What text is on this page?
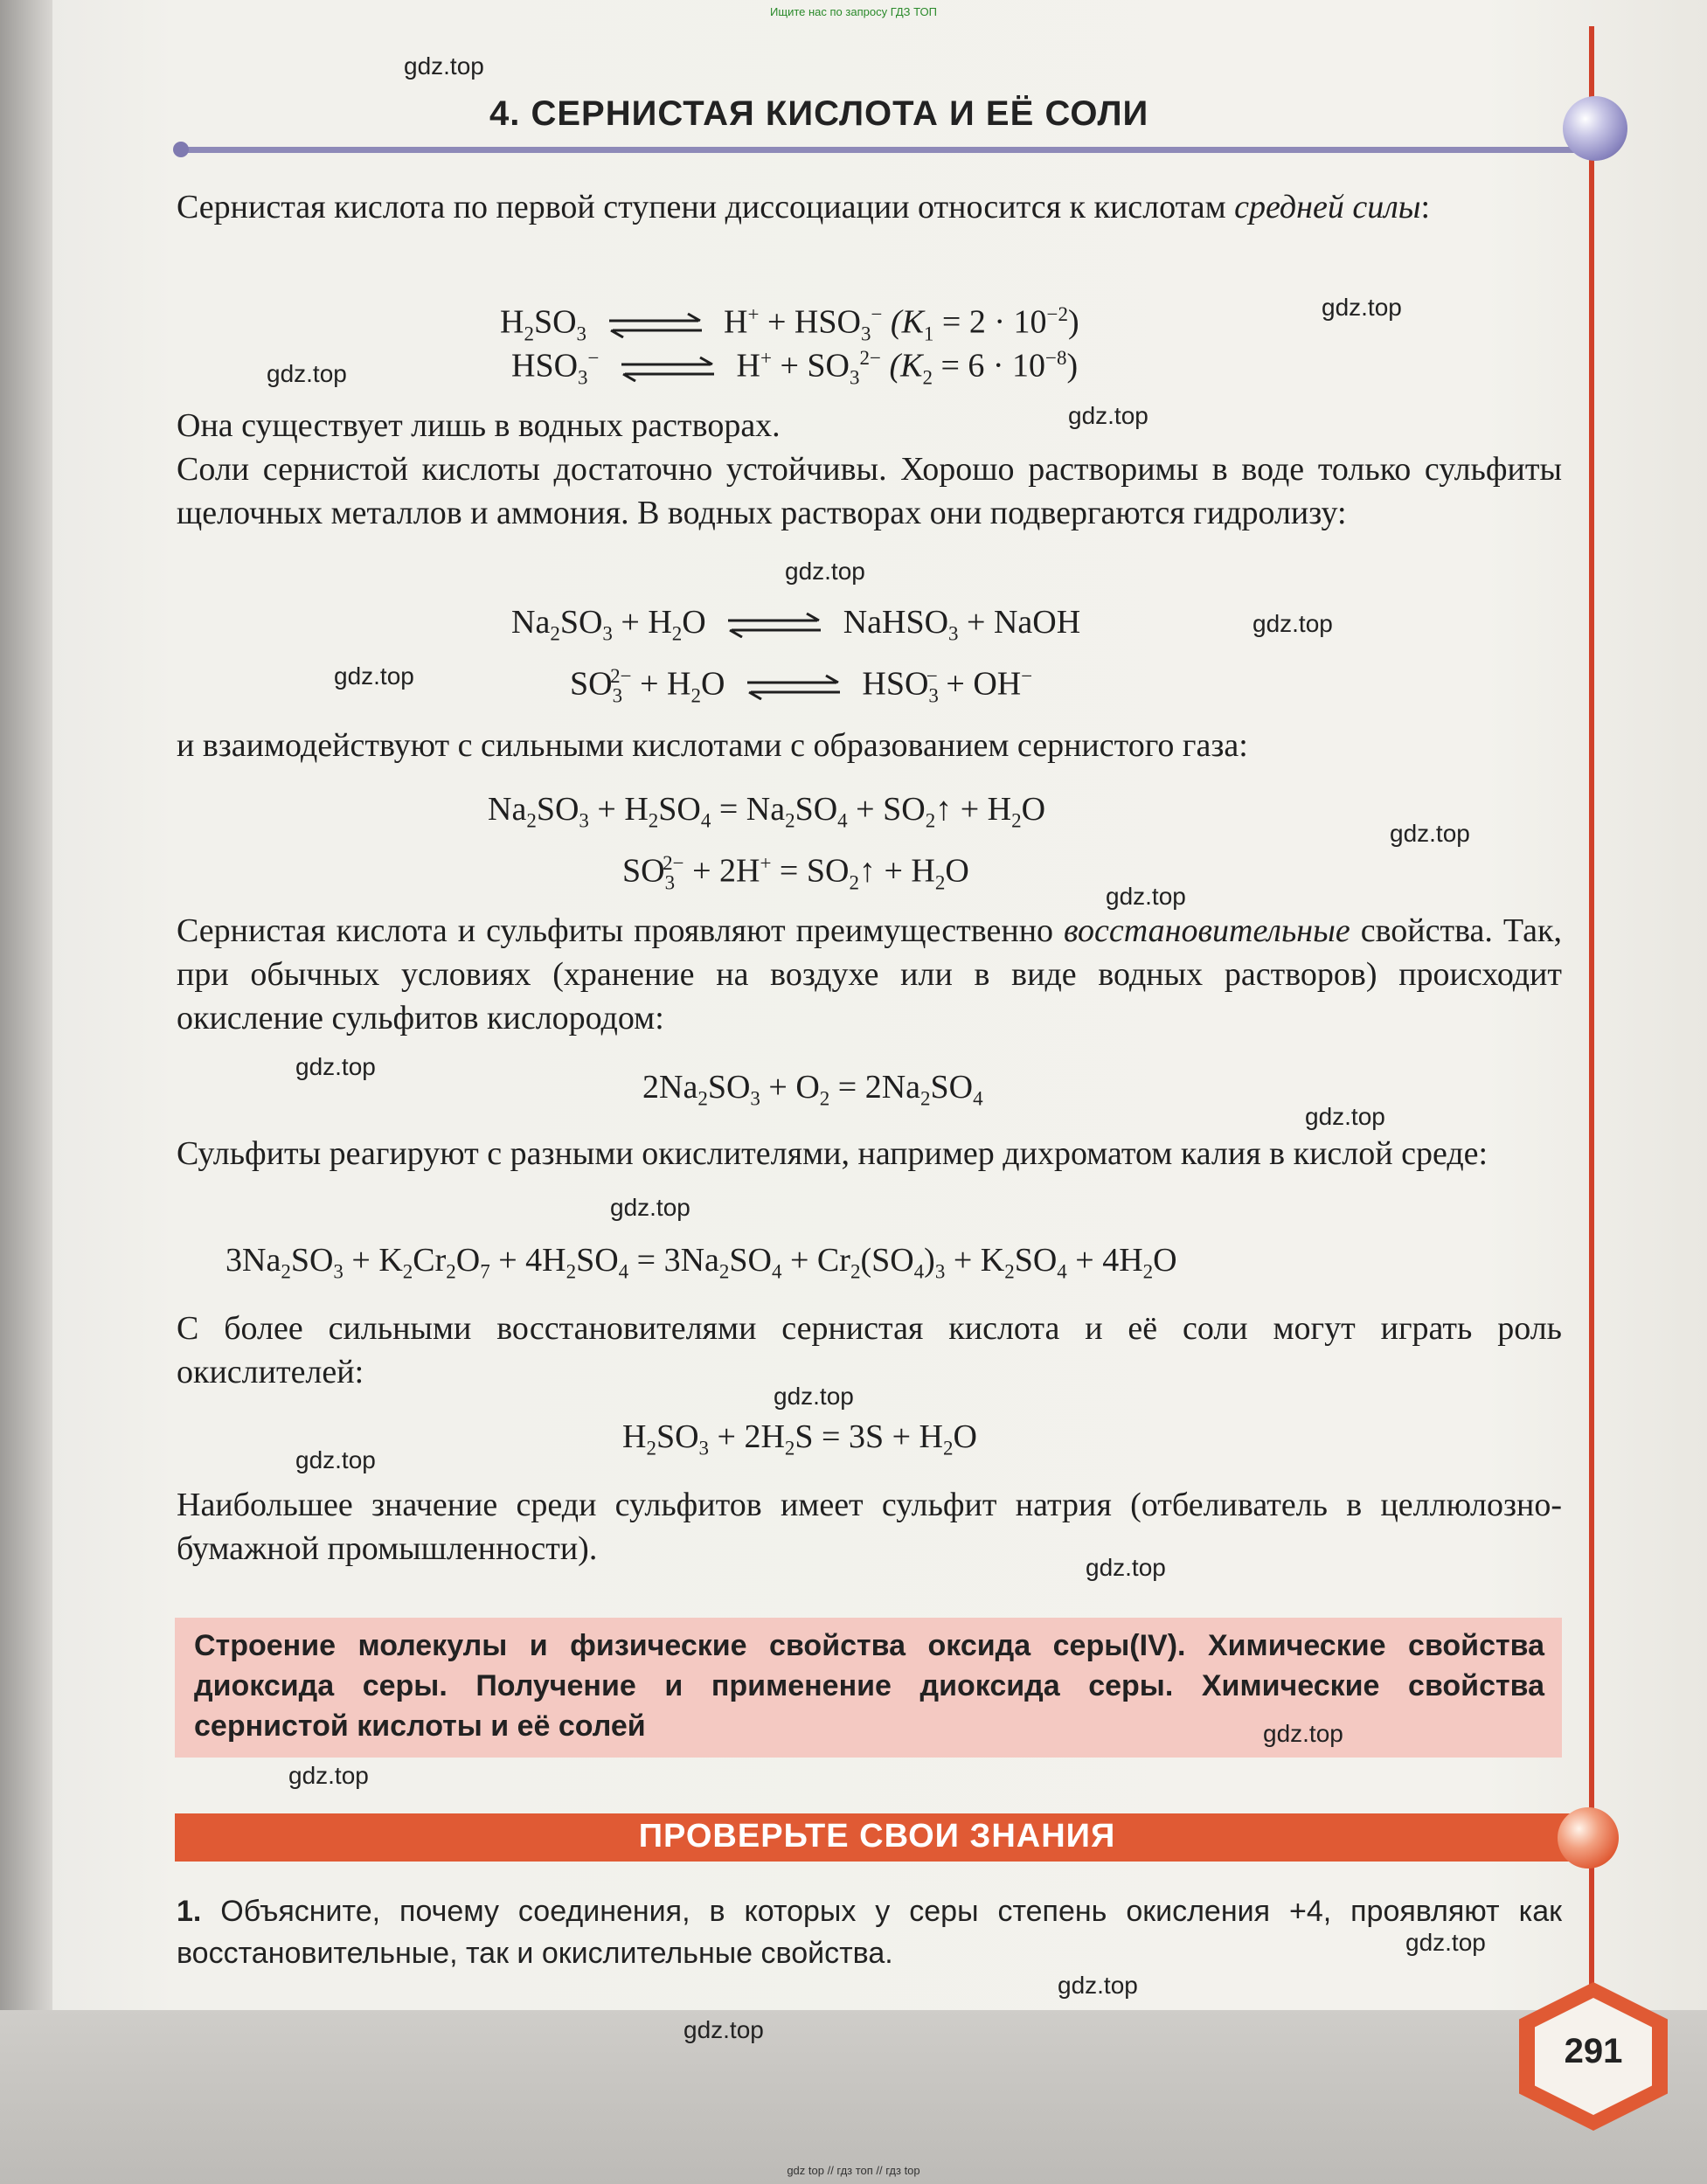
Ищите нас по запросу ГДЗ ТОП
4. СЕРНИСТАЯ КИСЛОТА И ЕЁ СОЛИ
Сернистая кислота по первой ступени диссоциации относится к кислотам средней силы:
$H_2SO_3$ ⇌ $H^+ + HSO_3^-$ $(K_1 = 2 \cdot 10^{-2})$
$HSO_3^-$ ⇌ $H^+ + SO_3^{2-}$ $(K_2 = 6 \cdot 10^{-8})$
Она существует лишь в водных растворах.
Соли сернистой кислоты достаточно устойчивы. Хорошо растворимы в воде только сульфиты щелочных металлов и аммония. В водных растворах они подвергаются гидролизу:
$Na_2SO_3 + H_2O$ ⇌ NaHSO$_3$ + NaOH
$SO_3^{2-} + H_2O$ ⇌ $HSO_3^- + OH^-$
и взаимодействуют с сильными кислотами с образованием сернистого газа:
$Na_2SO_3 + H_2SO_4 = Na_2SO_4$ + $SO_2↑ + H_2O$
$SO_3^{2-} + 2H^+$ = $SO_2↑ + H_2O$
Сернистая кислота и сульфиты проявляют преимущественно восстановительные свойства. Так, при обычных условиях (хранение на воздухе или в виде водных растворов) происходит окисление сульфитов кислородом:
$2Na_2SO_3 + O_2 = 2Na_2SO_4$
Сульфиты реагируют с разными окислителями, например дихроматом калия в кислой среде:
$3Na_2SO_3 + K_2Cr_2O_7 + 4H_2SO_4 = 3Na_2SO_4 + Cr_2(SO_4)_3 + K_2SO_4 + 4H_2O$
С более сильными восстановителями сернистая кислота и её соли могут играть роль окислителей:
$H_2SO_3 + 2H_2S = 3S + H_2O$
Наибольшее значение среди сульфитов имеет сульфит натрия (отбеливатель в целлюлозно-бумажной промышленности).
Строение молекулы и физические свойства оксида серы(IV). Химические свойства диоксида серы. Получение и применение диоксида серы. Химические свойства сернистой кислоты и её солей
ПРОВЕРЬТЕ СВОИ ЗНАНИЯ
1. Объясните, почему соединения, в которых у серы степень окисления +4, проявляют как восстановительные, так и окислительные свойства.
291
gdz.top
gdz.top
gdz.top
gdz.top
gdz.top
gdz.top
gdz.top
gdz.top
gdz.top
gdz.top
gdz.top
gdz.top
gdz.top
gdz.top
gdz.top
gdz.top
gdz.top
gdz.top
gdz.top
gdz.top
gdz top // гдз топ // гдз top
